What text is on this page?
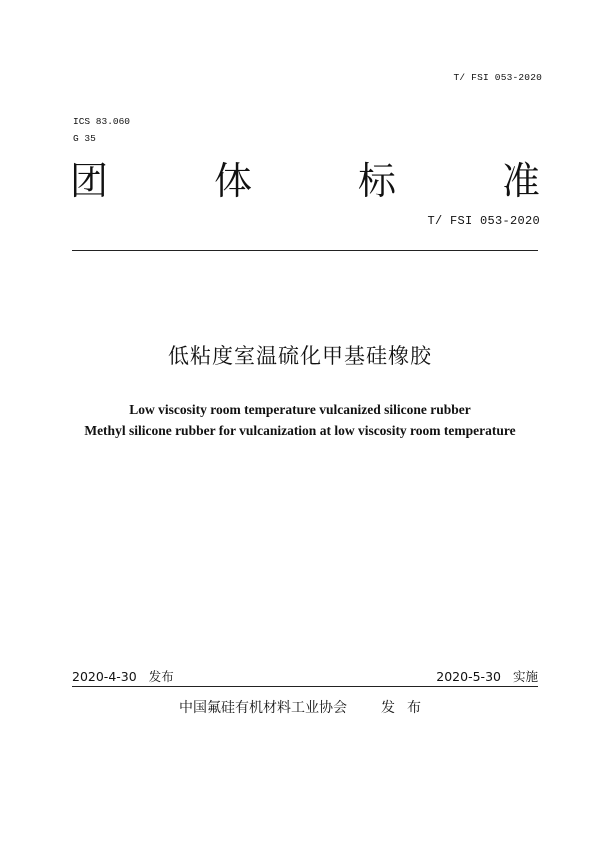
T/ FSI 053-2020
ICS 83.060
G 35
团	体	标	准
T/ FSI 053-2020
低粘度室温硫化甲基硅橡胶
Low viscosity room temperature vulcanized silicone rubber
Methyl silicone rubber for vulcanization at low viscosity room temperature
2020-4-30 发布	2020-5-30 实施
中国氟硅有机材料工业协会 发 布
